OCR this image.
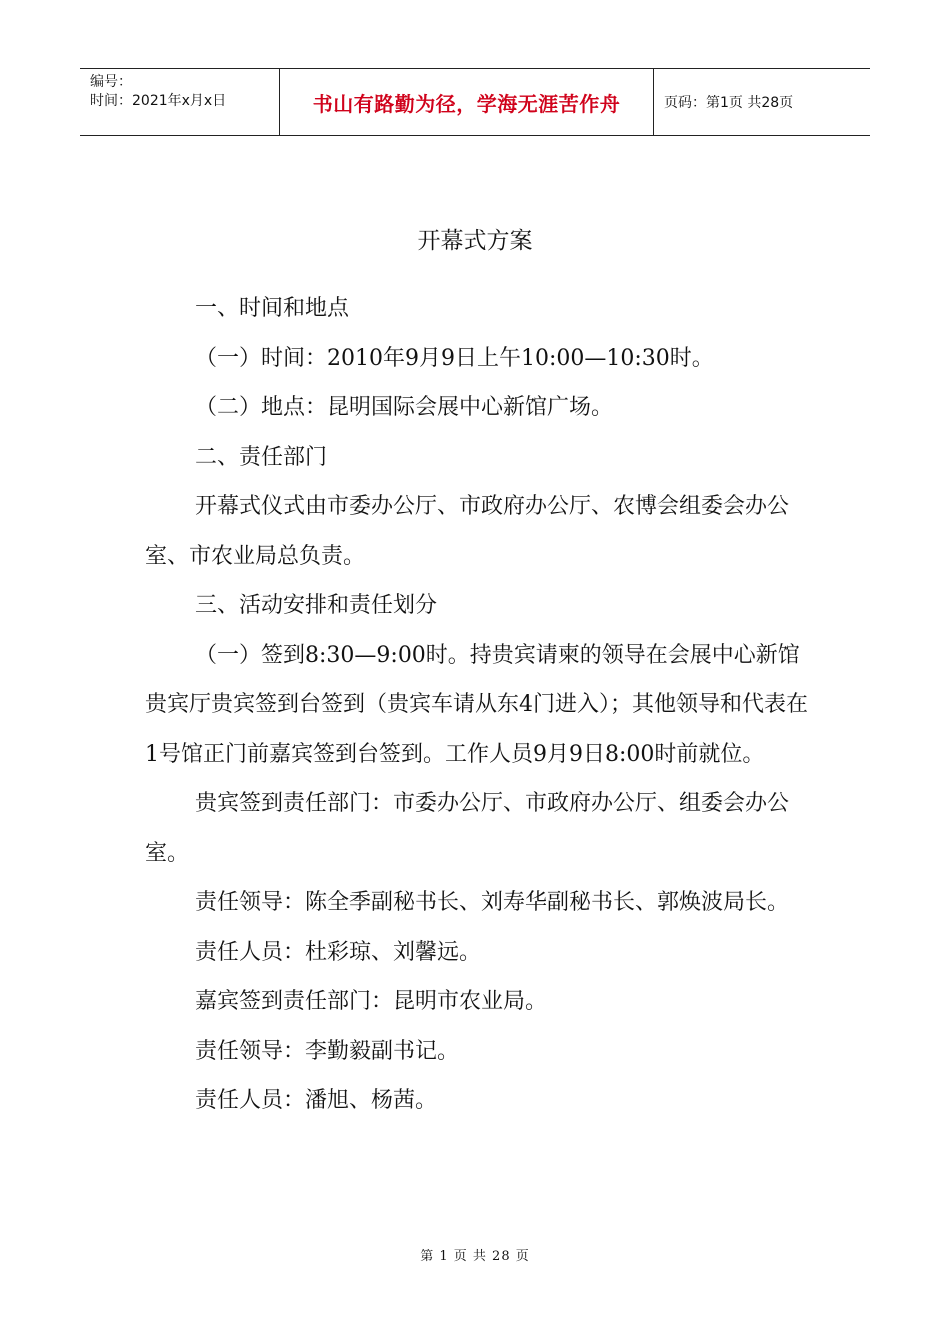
编号：
时间：2021年x月x日	书山有路勤为径，学海无涯苦作舟	页码：第1页 共28页
开幕式方案

一、时间和地点

（一）时间：2010年9月9日上午10:00—10:30时。

（二）地点：昆明国际会展中心新馆广场。

二、责任部门

开幕式仪式由市委办公厅、市政府办公厅、农博会组委会办公室、市农业局总负责。

三、活动安排和责任划分

（一）签到8:30—9:00时。持贵宾请柬的领导在会展中心新馆贵宾厅贵宾签到台签到（贵宾车请从东4门进入）；其他领导和代表在1号馆正门前嘉宾签到台签到。工作人员9月9日8:00时前就位。

贵宾签到责任部门：市委办公厅、市政府办公厅、组委会办公室。

责任领导：陈全季副秘书长、刘寿华副秘书长、郭焕波局长。

责任人员：杜彩琼、刘馨远。

嘉宾签到责任部门：昆明市农业局。

责任领导：李勤毅副书记。

责任人员：潘旭、杨茜。

第 1 页 共 28 页
